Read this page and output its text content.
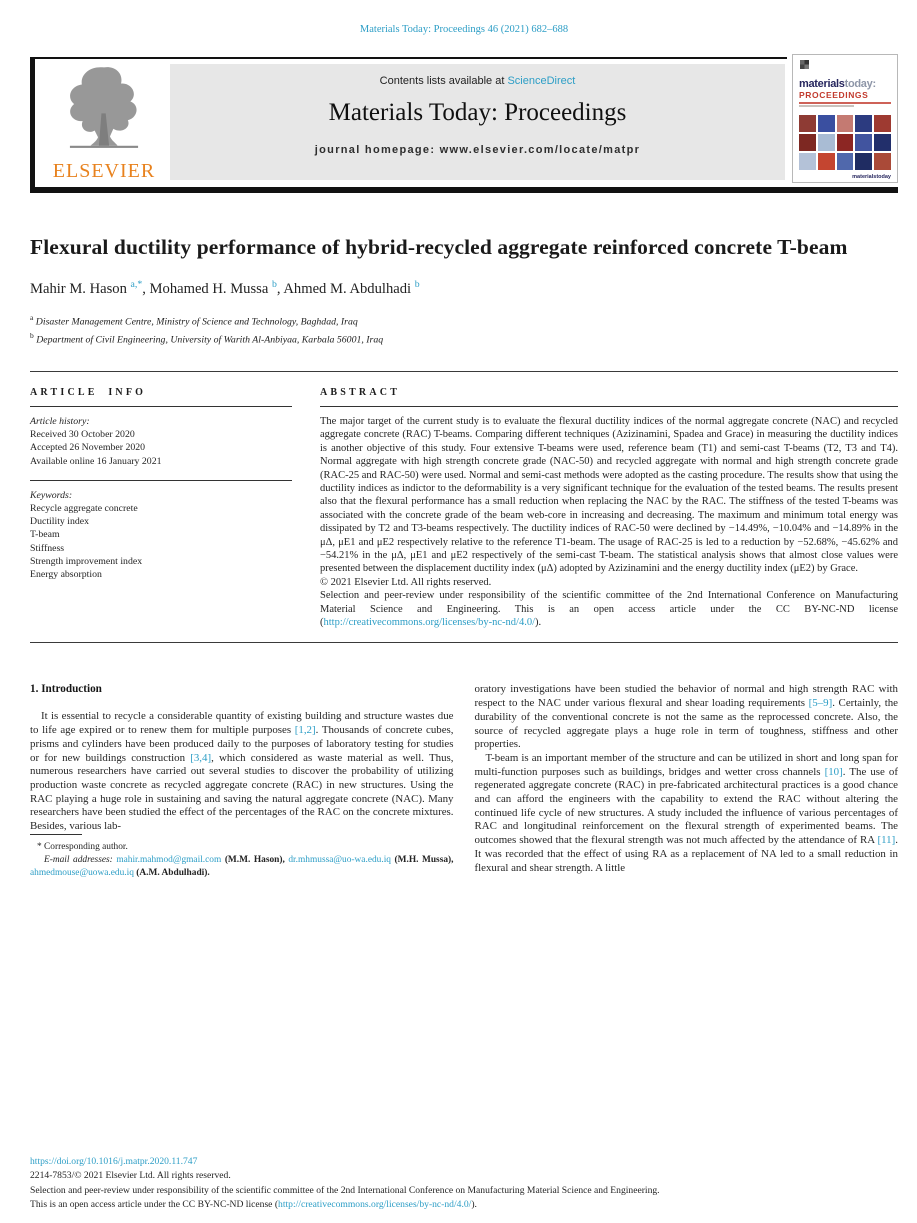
Materials Today: Proceedings 46 (2021) 682–688
ELSEVIER
Contents lists available at ScienceDirect
Materials Today: Proceedings
journal homepage: www.elsevier.com/locate/matpr
materialstoday:
PROCEEDINGS
materialstoday
Flexural ductility performance of hybrid-recycled aggregate reinforced concrete T-beam
Mahir M. Hason $^{a,*}$, Mohamed H. Mussa $^b$, Ahmed M. Abdulhadi $^b$
$^a$ Disaster Management Centre, Ministry of Science and Technology, Baghdad, Iraq
$^b$ Department of Civil Engineering, University of Warith Al-Anbiyaa, Karbala 56001, Iraq
ARTICLE INFO
Article history:
Received 30 October 2020
Accepted 26 November 2020
Available online 16 January 2021
Keywords:
Recycle aggregate concrete
Ductility index
T-beam
Stiffness
Strength improvement index
Energy absorption
ABSTRACT
The major target of the current study is to evaluate the flexural ductility indices of the normal aggregate concrete (NAC) and recycled aggregate concrete (RAC) T-beams. Comparing different techniques (Azizinamini, Spadea and Grace) in measuring the ductility indices is another objective of this study. Four extensive T-beams were used, reference beam (T1) and semi-cast T-beams (T2, T3 and T4). Normal aggregate with high strength concrete grade (NAC-50) and recycled aggregate with normal and high strength concrete grade (RAC-25 and RAC-50) were used. Normal and semi-cast methods were adopted as the casting procedure. The results show that using the ductility indices as indictor to the deformability is a very significant technique for the evaluation of the tested beams. The results present also that the flexural performance has a small reduction when replacing the NAC by the RAC. The stiffness of the tested T-beams was associated with the concrete grade of the beam web-core in increasing and decreasing. The maximum and minimum total energy was dissipated by T2 and T3-beams respectively. The ductility indices of RAC-50 were declined by −14.49%, −10.04% and −14.89% in the μΔ, μE1 and μE2 respectively relative to the reference T1-beam. The usage of RAC-25 is led to a reduction by −52.68%, −45.62% and −54.21% in the μΔ, μE1 and μE2 respectively of the semi-cast T-beam. The statistical analysis shows that almost close values were presented between the displacement ductility index (μΔ) adopted by Azizinamini and the energy ductility index (μE2) by Grace.
© 2021 Elsevier Ltd. All rights reserved.
Selection and peer-review under responsibility of the scientific committee of the 2nd International Conference on Manufacturing Material Science and Engineering. This is an open access article under the CC BY-NC-ND license (http://creativecommons.org/licenses/by-nc-nd/4.0/).
1. Introduction

It is essential to recycle a considerable quantity of existing building and structure wastes due to life age expired or to renew them for multiple purposes [1,2]. Thousands of concrete cubes, prisms and cylinders have been produced daily to the purposes of laboratory testing for studies or for new buildings construction [3,4], which considered as waste material as well. Thus, numerous researchers have carried out several studies to discover the probability of utilizing production waste concrete as recycled aggregate concrete (RAC) in new structures. Using the RAC playing a huge role in sustaining and saving the natural aggregate concrete (NAC). Many researchers have been studied the effect of the percentages of the RAC on the concrete mixtures. Besides, various lab-

* Corresponding author.
E-mail addresses: mahir.mahmod@gmail.com (M.M. Hason), dr.mhmussa@uo-wa.edu.iq (M.H. Mussa), ahmedmouse@uowa.edu.iq (A.M. Abdulhadi).

oratory investigations have been studied the behavior of normal and high strength RAC with respect to the NAC under various flexural and shear loading requirements [5–9]. Certainly, the durability of the conventional concrete is not the same as the reprocessed concrete. Also, the source of recycled aggregate plays a huge role in term of toughness, stiffness and other properties.

T-beam is an important member of the structure and can be utilized in short and long span for multi-function purposes such as buildings, bridges and wetter cross channels [10]. The use of regenerated aggregate concrete (RAC) in pre-fabricated architectural practices is a good chance and can afford the engineers with the capability to extend the RAC without altering the continued life cycle of new structures. A study included the influence of various percentages of RAC and longitudinal reinforcement on the flexural strength of experimented beams. The outcomes showed that the flexural strength was not much affected by the attendance of RA [11]. It was recorded that the effect of using RA as a replacement of NA led to a small reduction in flexural and shear strength. A little

https://doi.org/10.1016/j.matpr.2020.11.747
2214-7853/© 2021 Elsevier Ltd. All rights reserved.
Selection and peer-review under responsibility of the scientific committee of the 2nd International Conference on Manufacturing Material Science and Engineering.
This is an open access article under the CC BY-NC-ND license (http://creativecommons.org/licenses/by-nc-nd/4.0/).
